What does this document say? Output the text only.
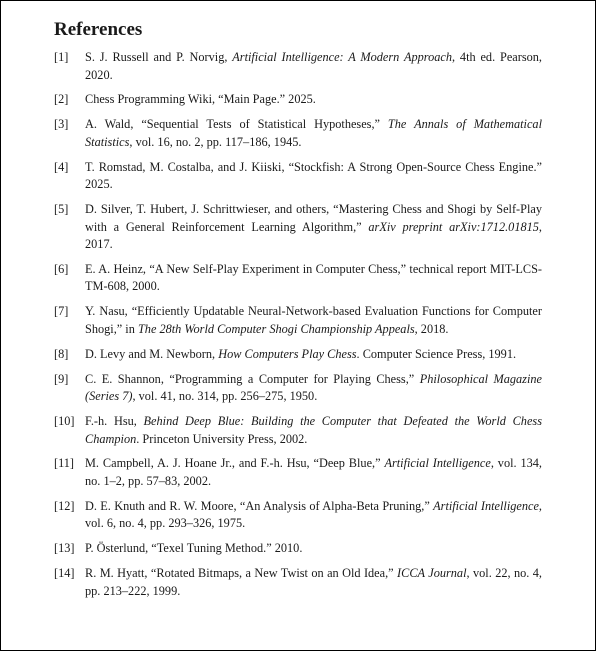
References
[1] S. J. Russell and P. Norvig, Artificial Intelligence: A Modern Approach, 4th ed. Pearson, 2020.
[2] Chess Programming Wiki, “Main Page.” 2025.
[3] A. Wald, “Sequential Tests of Statistical Hypotheses,” The Annals of Mathematical Statistics, vol. 16, no. 2, pp. 117–186, 1945.
[4] T. Romstad, M. Costalba, and J. Kiiski, “Stockfish: A Strong Open-Source Chess Engine.” 2025.
[5] D. Silver, T. Hubert, J. Schrittwieser, and others, “Mastering Chess and Shogi by Self-Play with a General Reinforcement Learning Algorithm,” arXiv preprint arXiv:1712.01815, 2017.
[6] E. A. Heinz, “A New Self-Play Experiment in Computer Chess,” technical report MIT-LCS-TM-608, 2000.
[7] Y. Nasu, “Efficiently Updatable Neural-Network-based Evaluation Functions for Computer Shogi,” in The 28th World Computer Shogi Championship Appeals, 2018.
[8] D. Levy and M. Newborn, How Computers Play Chess. Computer Science Press, 1991.
[9] C. E. Shannon, “Programming a Computer for Playing Chess,” Philosophical Magazine (Series 7), vol. 41, no. 314, pp. 256–275, 1950.
[10] F.-h. Hsu, Behind Deep Blue: Building the Computer that Defeated the World Chess Champion. Princeton University Press, 2002.
[11] M. Campbell, A. J. Hoane Jr., and F.-h. Hsu, “Deep Blue,” Artificial Intelligence, vol. 134, no. 1–2, pp. 57–83, 2002.
[12] D. E. Knuth and R. W. Moore, “An Analysis of Alpha-Beta Pruning,” Artificial Intelligence, vol. 6, no. 4, pp. 293–326, 1975.
[13] P. Österlund, “Texel Tuning Method.” 2010.
[14] R. M. Hyatt, “Rotated Bitmaps, a New Twist on an Old Idea,” ICCA Journal, vol. 22, no. 4, pp. 213–222, 1999.
